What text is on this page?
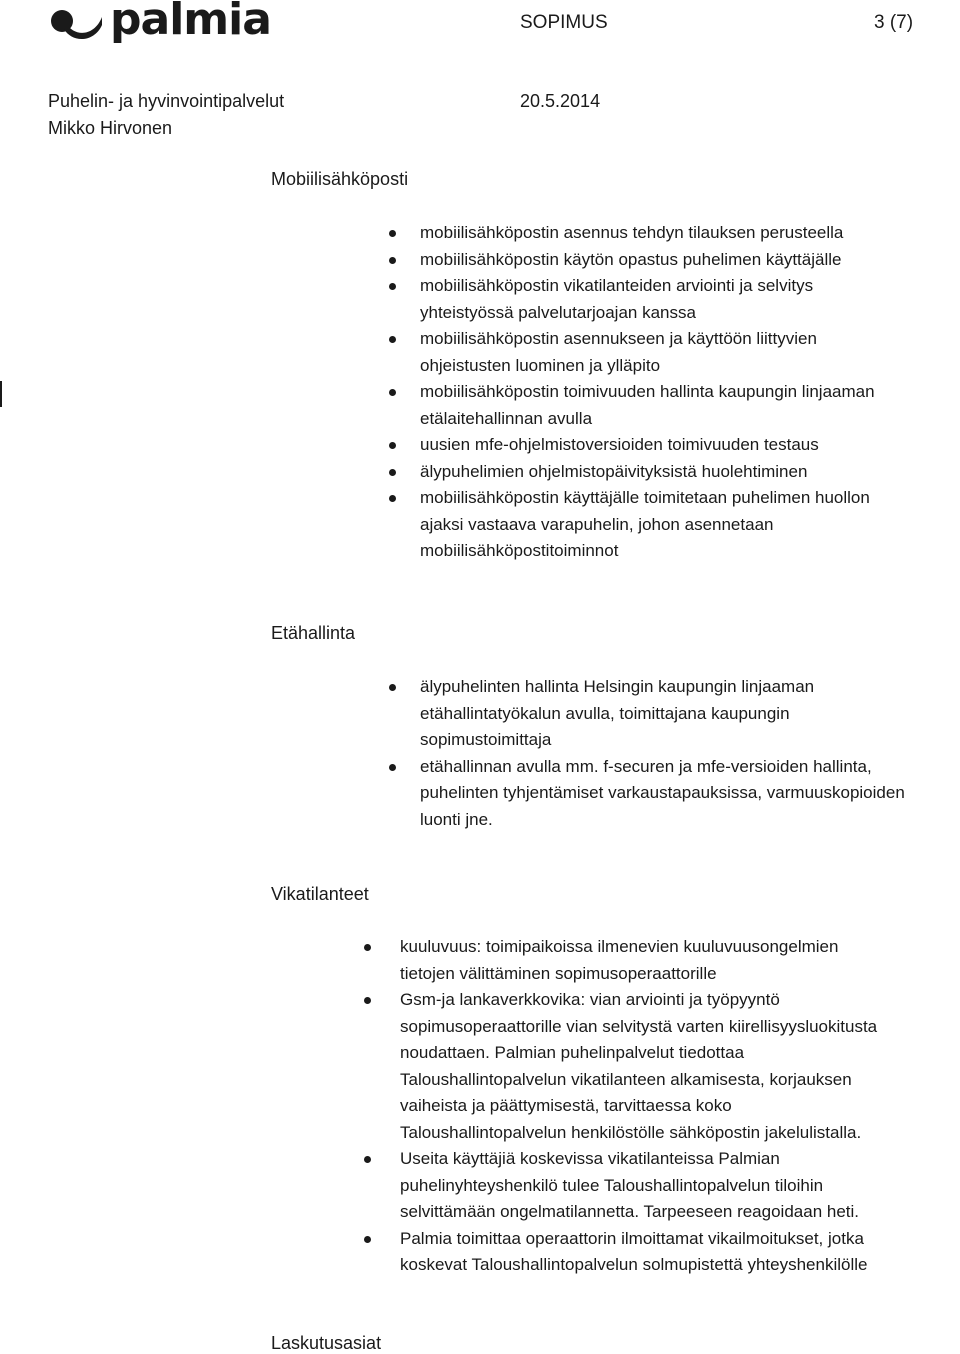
palmia	SOPIMUS	3 (7)
Puhelin- ja hyvinvointipalvelut	20.5.2014
Mikko Hirvonen
Mobiilisähköposti
mobiilisähköpostin asennus tehdyn tilauksen perusteella
mobiilisähköpostin käytön opastus puhelimen käyttäjälle
mobiilisähköpostin vikatilanteiden arviointi ja selvitys
yhteistyössä palvelutarjoajan kanssa
mobiilisähköpostin asennukseen ja käyttöön liittyvien
ohjeistusten luominen ja ylläpito
mobiilisähköpostin toimivuuden hallinta kaupungin linjaaman
etälaitehallinnan avulla
uusien mfe-ohjelmistoversioiden toimivuuden testaus
älypuhelimien ohjelmistopäivityksistä huolehtiminen
mobiilisähköpostin käyttäjälle toimitetaan puhelimen huollon
ajaksi vastaava varapuhelin, johon asennetaan
mobiilisähköpostitoiminnot
Etähallinta
älypuhelinten hallinta Helsingin kaupungin linjaaman
etähallintatyökalun avulla, toimittajana kaupungin
sopimustoimittaja
etähallinnan avulla mm. f-securen ja mfe-versioiden hallinta,
puhelinten tyhjentämiset varkaustapauksissa, varmuuskopioiden
luonti jne.
Vikatilanteet
kuuluvuus: toimipaikoissa ilmenevien kuuluvuusongelmien
tietojen välittäminen sopimusoperaattorille
Gsm-ja lankaverkkovika: vian arviointi ja työpyyntö
sopimusoperaattorille vian selvitystä varten kiirellisyysluokitusta
noudattaen. Palmian puhelinpalvelut tiedottaa
Taloushallintopalvelun vikatilanteen alkamisesta, korjauksen
vaiheista ja päättymisestä, tarvittaessa koko
Taloushallintopalvelun henkilöstölle sähköpostin jakelulistalla.
Useita käyttäjiä koskevissa vikatilanteissa Palmian
puhelinyhteyshenkilö tulee Taloushallintopalvelun tiloihin
selvittämään ongelmatilannetta. Tarpeeseen reagoidaan heti.
Palmia toimittaa operaattorin ilmoittamat vikailmoitukset, jotka
koskevat Taloushallintopalvelun solmupistettä yhteyshenkilölle
Laskutusasiat
